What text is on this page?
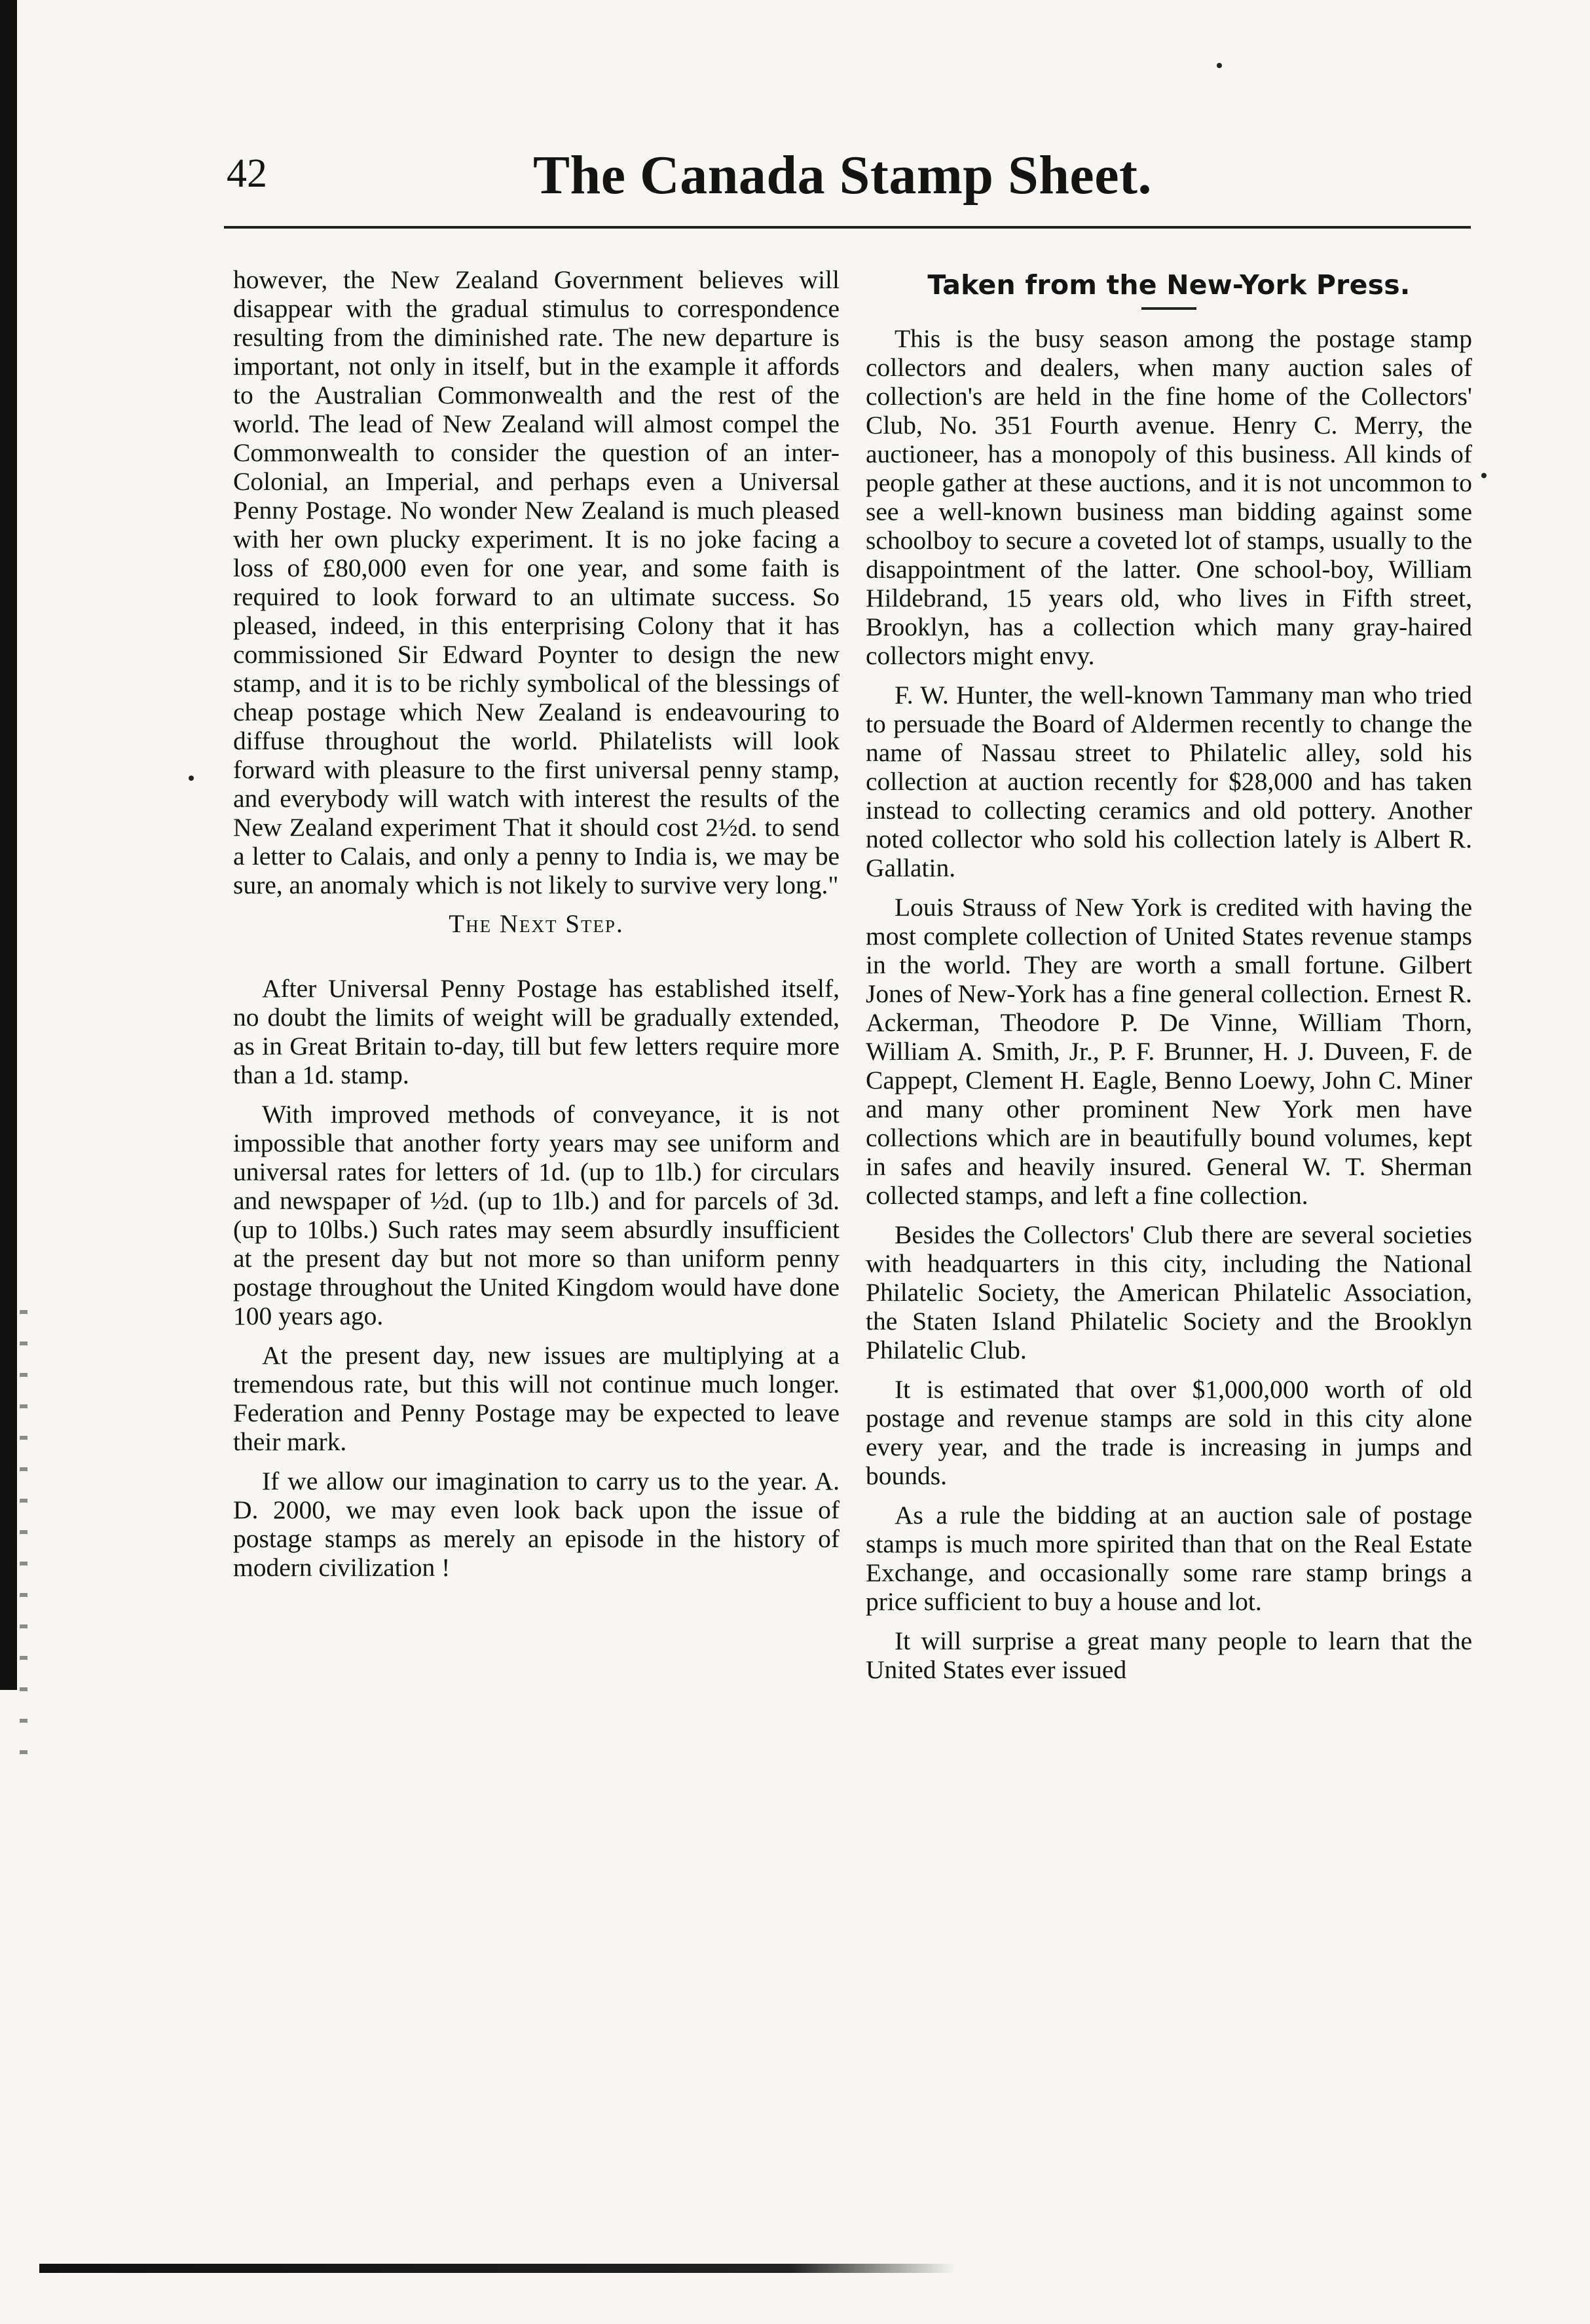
42	The Canada Stamp Sheet.

however, the New Zealand Government believes will disappear with the gradual stimulus to correspondence resulting from the diminished rate. The new departure is important, not only in itself, but in the example it affords to the Australian Commonwealth and the rest of the world. The lead of New Zealand will almost compel the Commonwealth to consider the question of an inter-Colonial, an Imperial, and perhaps even a Universal Penny Postage. No wonder New Zealand is much pleased with her own plucky experiment. It is no joke facing a loss of £80,000 even for one year, and some faith is required to look forward to an ultimate success. So pleased, indeed, in this enterprising Colony that it has commissioned Sir Edward Poynter to design the new stamp, and it is to be richly symbolical of the blessings of cheap postage which New Zealand is endeavouring to diffuse throughout the world. Philatelists will look forward with pleasure to the first universal penny stamp, and everybody will watch with interest the results of the New Zealand experiment That it should cost 2½d. to send a letter to Calais, and only a penny to India is, we may be sure, an anomaly which is not likely to survive very long."

The Next Step.

After Universal Penny Postage has established itself, no doubt the limits of weight will be gradually extended, as in Great Britain to-day, till but few letters require more than a 1d. stamp.

With improved methods of conveyance, it is not impossible that another forty years may see uniform and universal rates for letters of 1d. (up to 1lb.) for circulars and newspaper of ½d. (up to 1lb.) and for parcels of 3d. (up to 10lbs.) Such rates may seem absurdly insufficient at the present day but not more so than uniform penny postage throughout the United Kingdom would have done 100 years ago.

At the present day, new issues are multiplying at a tremendous rate, but this will not continue much longer. Federation and Penny Postage may be expected to leave their mark.

If we allow our imagination to carry us to the year. A. D. 2000, we may even look back upon the issue of postage stamps as merely an episode in the history of modern civilization !

Taken from the New-York Press.

This is the busy season among the postage stamp collectors and dealers, when many auction sales of collection's are held in the fine home of the Collectors' Club, No. 351 Fourth avenue. Henry C. Merry, the auctioneer, has a monopoly of this business. All kinds of people gather at these auctions, and it is not uncommon to see a well-known business man bidding against some schoolboy to secure a coveted lot of stamps, usually to the disappointment of the latter. One school-boy, William Hildebrand, 15 years old, who lives in Fifth street, Brooklyn, has a collection which many gray-haired collectors might envy.

F. W. Hunter, the well-known Tammany man who tried to persuade the Board of Aldermen recently to change the name of Nassau street to Philatelic alley, sold his collection at auction recently for $28,000 and has taken instead to collecting ceramics and old pottery. Another noted collector who sold his collection lately is Albert R. Gallatin.

Louis Strauss of New York is credited with having the most complete collection of United States revenue stamps in the world. They are worth a small fortune. Gilbert Jones of New-York has a fine general collection. Ernest R. Ackerman, Theodore P. De Vinne, William Thorn, William A. Smith, Jr., P. F. Brunner, H. J. Duveen, F. de Cappept, Clement H. Eagle, Benno Loewy, John C. Miner and many other prominent New York men have collections which are in beautifully bound volumes, kept in safes and heavily insured. General W. T. Sherman collected stamps, and left a fine collection.

Besides the Collectors' Club there are several societies with headquarters in this city, including the National Philatelic Society, the American Philatelic Association, the Staten Island Philatelic Society and the Brooklyn Philatelic Club.

It is estimated that over $1,000,000 worth of old postage and revenue stamps are sold in this city alone every year, and the trade is increasing in jumps and bounds.

As a rule the bidding at an auction sale of postage stamps is much more spirited than that on the Real Estate Exchange, and occasionally some rare stamp brings a price sufficient to buy a house and lot.

It will surprise a great many people to learn that the United States ever issued
